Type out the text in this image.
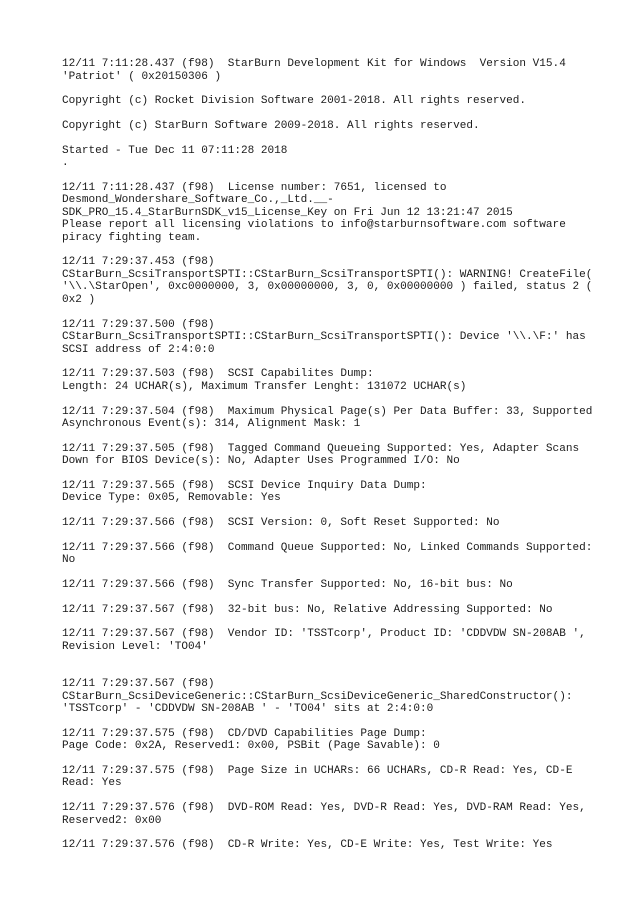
12/11 7:11:28.437 (f98)  StarBurn Development Kit for Windows  Version V15.4
'Patriot' ( 0x20150306 )
Copyright (c) Rocket Division Software 2001-2018. All rights reserved.
Copyright (c) StarBurn Software 2009-2018. All rights reserved.
Started - Tue Dec 11 07:11:28 2018
.
12/11 7:11:28.437 (f98)  License number: 7651, licensed to
Desmond_Wondershare_Software_Co.,_Ltd.__-
SDK_PRO_15.4_StarBurnSDK_v15_License_Key on Fri Jun 12 13:21:47 2015
Please report all licensing violations to info@starburnsoftware.com software
piracy fighting team.
12/11 7:29:37.453 (f98)
CStarBurn_ScsiTransportSPTI::CStarBurn_ScsiTransportSPTI(): WARNING! CreateFile(
'\\.\StarOpen', 0xc0000000, 3, 0x00000000, 3, 0, 0x00000000 ) failed, status 2 (
0x2 )
12/11 7:29:37.500 (f98)
CStarBurn_ScsiTransportSPTI::CStarBurn_ScsiTransportSPTI(): Device '\\.\F:' has
SCSI address of 2:4:0:0
12/11 7:29:37.503 (f98)  SCSI Capabilites Dump:
Length: 24 UCHAR(s), Maximum Transfer Lenght: 131072 UCHAR(s)
12/11 7:29:37.504 (f98)  Maximum Physical Page(s) Per Data Buffer: 33, Supported
Asynchronous Event(s): 314, Alignment Mask: 1
12/11 7:29:37.505 (f98)  Tagged Command Queueing Supported: Yes, Adapter Scans
Down for BIOS Device(s): No, Adapter Uses Programmed I/O: No
12/11 7:29:37.565 (f98)  SCSI Device Inquiry Data Dump:
Device Type: 0x05, Removable: Yes
12/11 7:29:37.566 (f98)  SCSI Version: 0, Soft Reset Supported: No
12/11 7:29:37.566 (f98)  Command Queue Supported: No, Linked Commands Supported:
No
12/11 7:29:37.566 (f98)  Sync Transfer Supported: No, 16-bit bus: No
12/11 7:29:37.567 (f98)  32-bit bus: No, Relative Addressing Supported: No
12/11 7:29:37.567 (f98)  Vendor ID: 'TSSTcorp', Product ID: 'CDDVDW SN-208AB ',
Revision Level: 'TO04'
12/11 7:29:37.567 (f98)
CStarBurn_ScsiDeviceGeneric::CStarBurn_ScsiDeviceGeneric_SharedConstructor():
'TSSTcorp' - 'CDDVDW SN-208AB ' - 'TO04' sits at 2:4:0:0
12/11 7:29:37.575 (f98)  CD/DVD Capabilities Page Dump:
Page Code: 0x2A, Reserved1: 0x00, PSBit (Page Savable): 0
12/11 7:29:37.575 (f98)  Page Size in UCHARs: 66 UCHARs, CD-R Read: Yes, CD-E
Read: Yes
12/11 7:29:37.576 (f98)  DVD-ROM Read: Yes, DVD-R Read: Yes, DVD-RAM Read: Yes,
Reserved2: 0x00
12/11 7:29:37.576 (f98)  CD-R Write: Yes, CD-E Write: Yes, Test Write: Yes
